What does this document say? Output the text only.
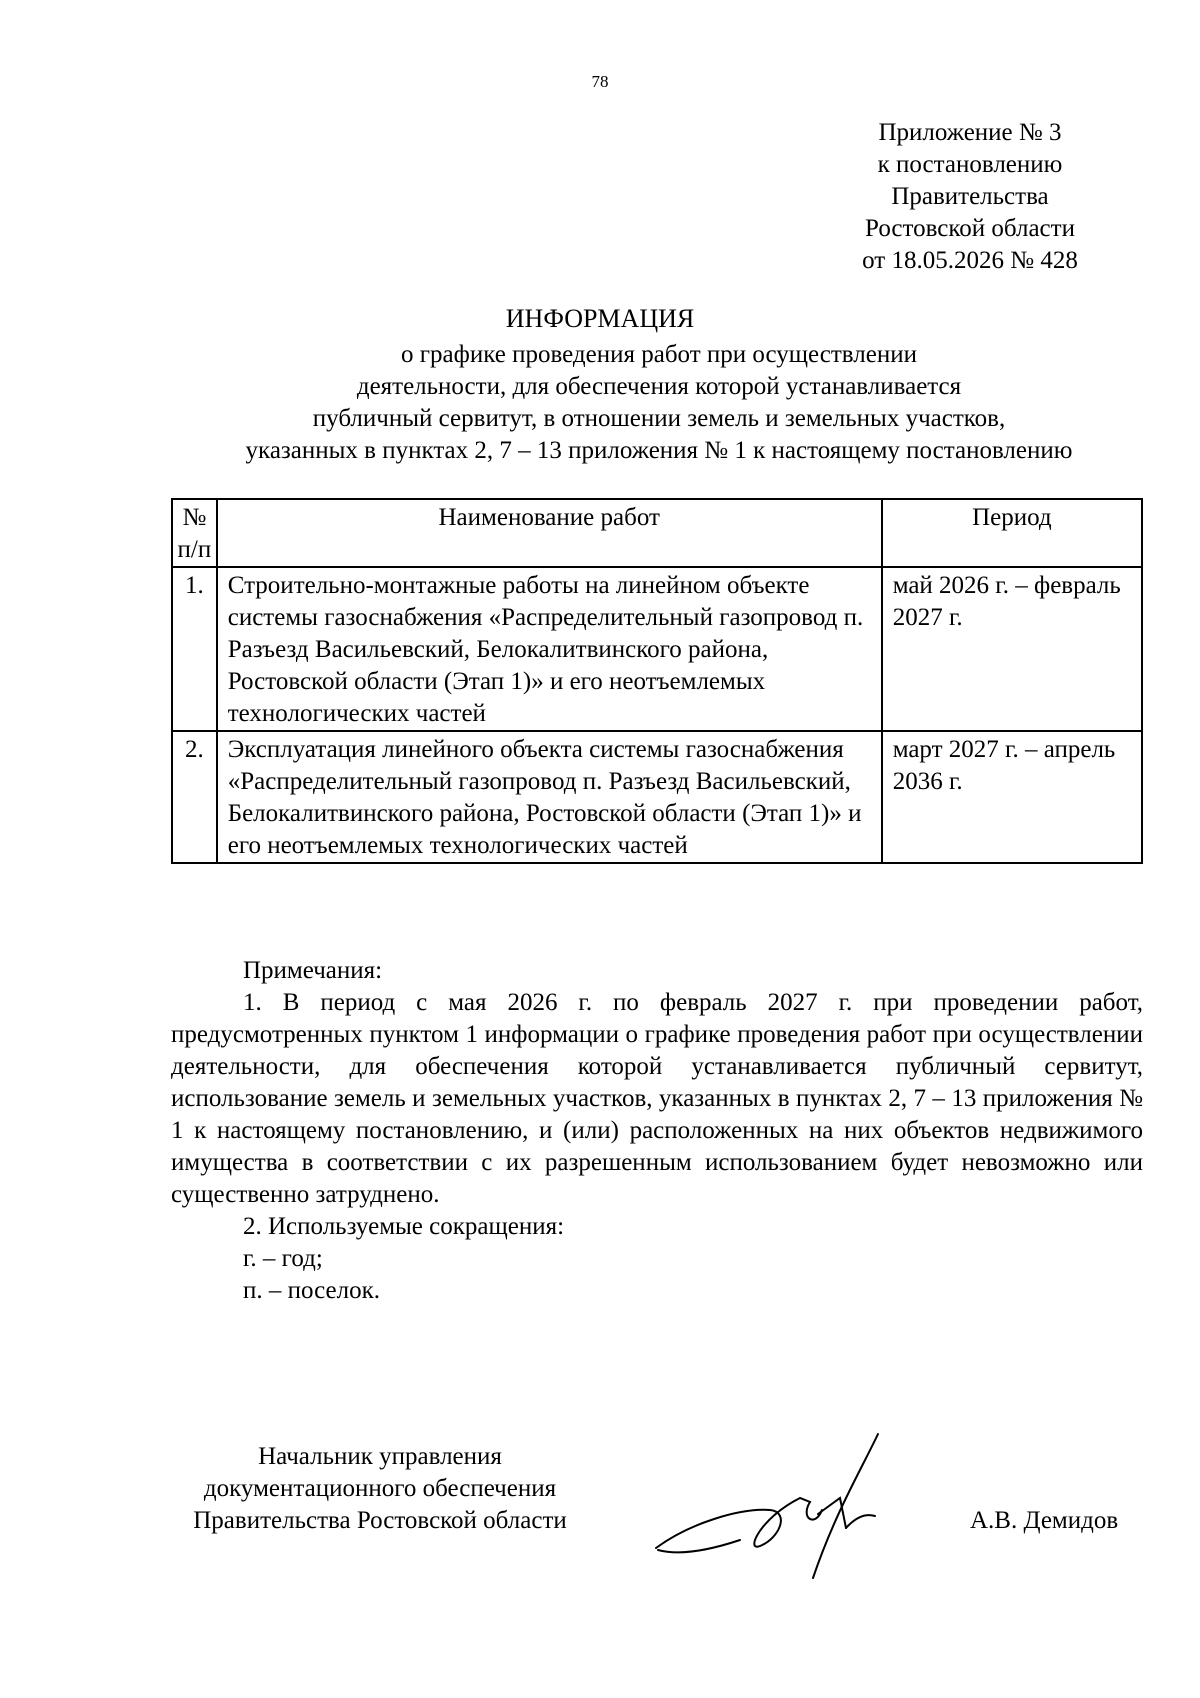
78
Приложение № 3
к постановлению
Правительства
Ростовской области
от 18.05.2026 № 428
ИНФОРМАЦИЯ
о графике проведения работ при осуществлении
деятельности, для обеспечения которой устанавливается
публичный сервитут, в отношении земель и земельных участков,
указанных в пунктах 2, 7 – 13 приложения № 1 к настоящему постановлению
№ п/п	Наименование работ	Период
1.	Строительно-монтажные работы на линейном объекте системы газоснабжения «Распределительный газопровод п. Разъезд Васильевский, Белокалитвинского района, Ростовской области (Этап 1)» и его неотъемлемых технологических частей	май 2026 г. – февраль 2027 г.
2.	Эксплуатация линейного объекта системы газоснабжения «Распределительный газопровод п. Разъезд Васильевский, Белокалитвинского района, Ростовской области (Этап 1)» и его неотъемлемых технологических частей	март 2027 г. – апрель 2036 г.
Примечания:
1. В период с мая 2026 г. по февраль 2027 г. при проведении работ, предусмотренных пунктом 1 информации о графике проведения работ при осуществлении деятельности, для обеспечения которой устанавливается публичный сервитут, использование земель и земельных участков, указанных в пунктах 2, 7 – 13 приложения № 1 к настоящему постановлению, и (или) расположенных на них объектов недвижимого имущества в соответствии с их разрешенным использованием будет невозможно или существенно затруднено.
2. Используемые сокращения:
г. – год;
п. – поселок.
Начальник управления
документационного обеспечения
Правительства Ростовской области	А.В. Демидов
